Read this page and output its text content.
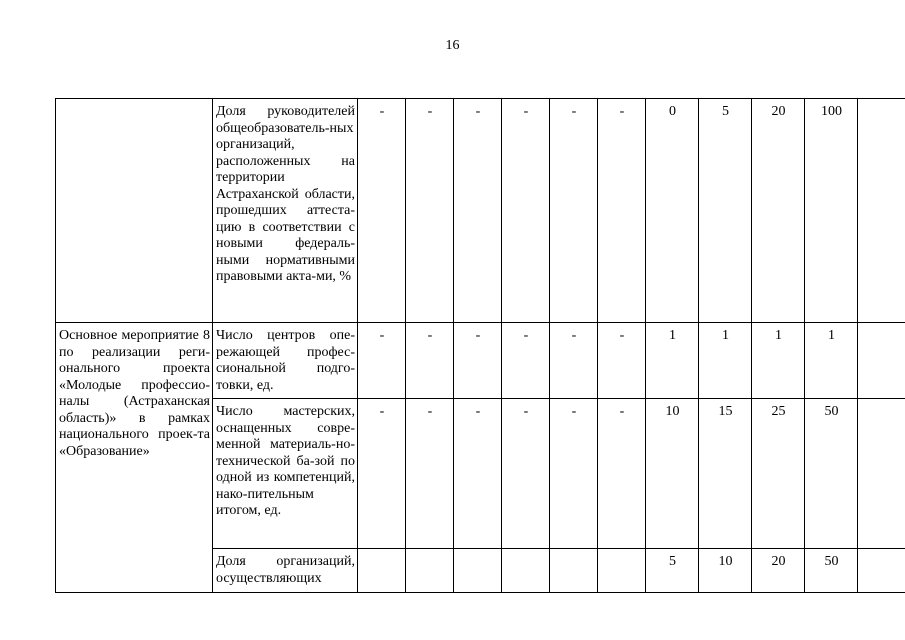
16
	Доля руководителей общеобразователь-ных организаций, расположенных на территории Астраханской области, прошедших аттеста-цию в соответствии с новыми федераль-ными нормативными правовыми акта-ми, %	-	-	-	-	-	-	0	5	20	100	
Основное мероприятие 8 по реализации реги-онального проекта «Молодые профессио-налы (Астраханская область)» в рамках национального проек-та «Образование»	Число центров опе-режающей профес-сиональной подго-товки, ед.	-	-	-	-	-	-	1	1	1	1	
	Число мастерских, оснащенных совре-менной материаль-но-технической ба-зой по одной из компетенций, нако-пительным итогом, ед.	-	-	-	-	-	-	10	15	25	50	
	Доля организаций, осуществляющих							5	10	20	50	
